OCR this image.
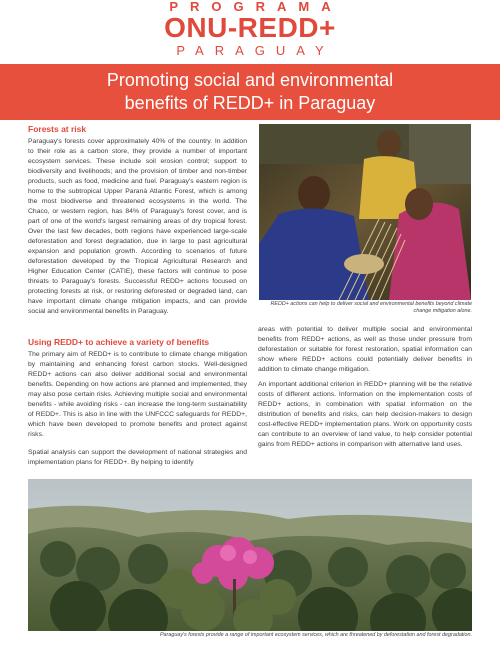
PROGRAMA
ONU-REDD+
PARAGUAY
Promoting social and environmental benefits of REDD+ in Paraguay
Forests at risk
Paraguay's forests cover approximately 40% of the country. In addition to their role as a carbon store, they provide a number of important ecosystem services. These include soil erosion control; support to biodiversity and livelihoods; and the provision of timber and non-timber products, such as food, medicine and fuel. Paraguay's eastern region is home to the subtropical Upper Paraná Atlantic Forest, which is among the most biodiverse and threatened ecosystems in the world. The Chaco, or western region, has 84% of Paraguay's forest cover, and is part of one of the world's largest remaining areas of dry tropical forest. Over the last few decades, both regions have experienced large-scale deforestation and forest degradation, due in large to past agricultural expansion and population growth. According to scenarios of future deforestation developed by the Tropical Agricultural Research and Higher Education Center (CATIE), these factors will continue to pose threats to Paraguay's forests. Successful REDD+ actions focused on protecting forests at risk, or restoring deforested or degraded land, can have important climate change mitigation impacts, and can provide social and environmental benefits in Paraguay.
Using REDD+ to achieve a variety of benefits
The primary aim of REDD+ is to contribute to climate change mitigation by maintaining and enhancing forest carbon stocks. Well-designed REDD+ actions can also deliver additional social and environmental benefits. Depending on how actions are planned and implemented, they may also pose certain risks. Achieving multiple social and environmental benefits - while avoiding risks - can increase the long-term sustainability of REDD+. This is also in line with the UNFCCC safeguards for REDD+, which have been developed to promote benefits and protect against risks.
Spatial analysis can support the development of national strategies and implementation plans for REDD+. By helping to identify
areas with potential to deliver multiple social and environmental benefits from REDD+ actions, as well as those under pressure from deforestation or suitable for forest restoration, spatial information can show where REDD+ actions could potentially deliver benefits in addition to climate change mitigation.
An important additional criterion in REDD+ planning will be the relative costs of different actions. Information on the implementation costs of REDD+ actions, in combination with spatial information on the distribution of benefits and risks, can help decision-makers to design cost-effective REDD+ implementation plans. Work on opportunity costs can contribute to an overview of land value, to help consider potential gains from REDD+ actions in comparison with alternative land uses.
REDD+ actions can help to deliver social and environmental benefits beyond climate change mitigation alone.
Paraguay's forests provide a range of important ecosystem services, which are threatened by deforestation and forest degradation.
